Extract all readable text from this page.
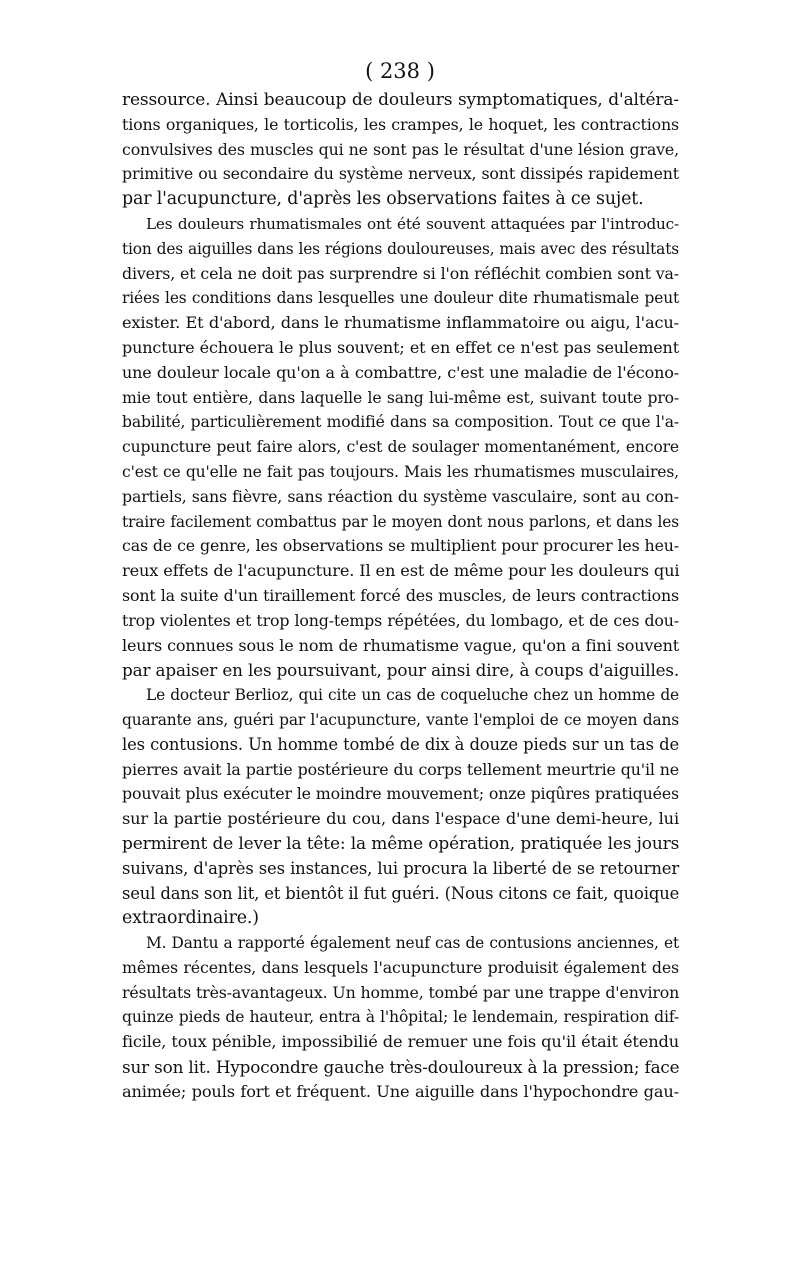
( 238 )
ressource. Ainsi beaucoup de douleurs symptomatiques, d'altéra-
tions organiques, le torticolis, les crampes, le hoquet, les contractions
convulsives des muscles qui ne sont pas le résultat d'une lésion grave,
primitive ou secondaire du système nerveux, sont dissipés rapidement
par l'acupuncture, d'après les observations faites à ce sujet.
Les douleurs rhumatismales ont été souvent attaquées par l'introduc-
tion des aiguilles dans les régions douloureuses, mais avec des résultats
divers, et cela ne doit pas surprendre si l'on réfléchit combien sont va-
riées les conditions dans lesquelles une douleur dite rhumatismale peut
exister. Et d'abord, dans le rhumatisme inflammatoire ou aigu, l'acu-
puncture échouera le plus souvent; et en effet ce n'est pas seulement
une douleur locale qu'on a à combattre, c'est une maladie de l'écono-
mie tout entière, dans laquelle le sang lui-même est, suivant toute pro-
babilité, particulièrement modifié dans sa composition. Tout ce que l'a-
cupuncture peut faire alors, c'est de soulager momentanément, encore
c'est ce qu'elle ne fait pas toujours. Mais les rhumatismes musculaires,
partiels, sans fièvre, sans réaction du système vasculaire, sont au con-
traire facilement combattus par le moyen dont nous parlons, et dans les
cas de ce genre, les observations se multiplient pour procurer les heu-
reux effets de l'acupuncture. Il en est de même pour les douleurs qui
sont la suite d'un tiraillement forcé des muscles, de leurs contractions
trop violentes et trop long-temps répétées, du lombago, et de ces dou-
leurs connues sous le nom de rhumatisme vague, qu'on a fini souvent
par apaiser en les poursuivant, pour ainsi dire, à coups d'aiguilles.
Le docteur Berlioz, qui cite un cas de coqueluche chez un homme de
quarante ans, guéri par l'acupuncture, vante l'emploi de ce moyen dans
les contusions. Un homme tombé de dix à douze pieds sur un tas de
pierres avait la partie postérieure du corps tellement meurtrie qu'il ne
pouvait plus exécuter le moindre mouvement; onze piqûres pratiquées
sur la partie postérieure du cou, dans l'espace d'une demi-heure, lui
permirent de lever la tête: la même opération, pratiquée les jours
suivans, d'après ses instances, lui procura la liberté de se retourner
seul dans son lit, et bientôt il fut guéri. (Nous citons ce fait, quoique
extraordinaire.)
M. Dantu a rapporté également neuf cas de contusions anciennes, et
mêmes récentes, dans lesquels l'acupuncture produisit également des
résultats très-avantageux. Un homme, tombé par une trappe d'environ
quinze pieds de hauteur, entra à l'hôpital; le lendemain, respiration dif-
ficile, toux pénible, impossibilié de remuer une fois qu'il était étendu
sur son lit. Hypocondre gauche très-douloureux à la pression; face
animée; pouls fort et fréquent. Une aiguille dans l'hypochondre gau-
